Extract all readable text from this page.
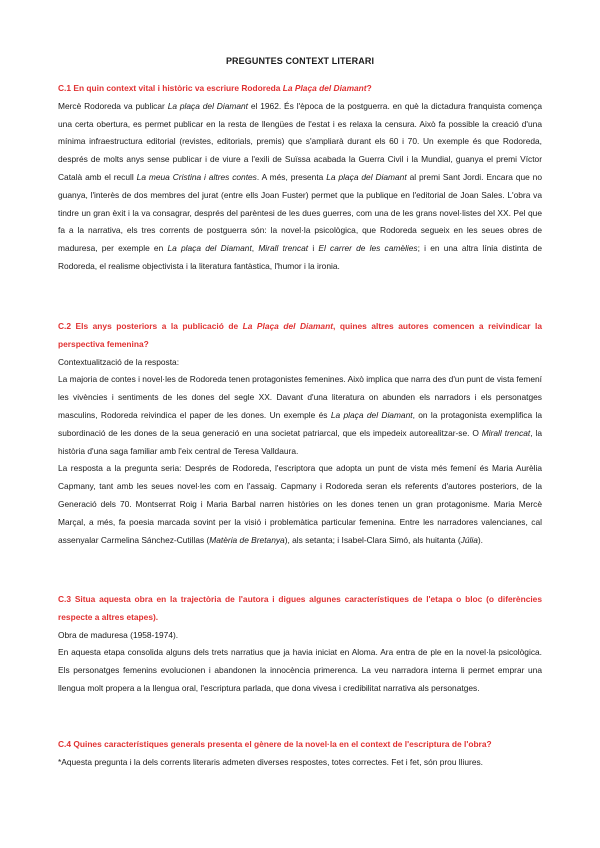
PREGUNTES CONTEXT LITERARI

C.1 En quin context vital i històric va escriure Rodoreda La Plaça del Diamant?

Mercè Rodoreda va publicar La plaça del Diamant el 1962. És l'època de la postguerra. en què la dictadura franquista comença una certa obertura, es permet publicar en la resta de llengües de l'estat i es relaxa la censura. Això fa possible la creació d'una mínima infraestructura editorial (revistes, editorials, premis) que s'ampliarà durant els 60 i 70. Un exemple és que Rodoreda, després de molts anys sense publicar i de viure a l'exili de Suïssa acabada la Guerra Civil i la Mundial, guanya el premi Víctor Català amb el recull La meua Cristina i altres contes. A més, presenta La plaça del Diamant al premi Sant Jordi. Encara que no guanya, l'interès de dos membres del jurat (entre ells Joan Fuster) permet que la publique en l'editorial de Joan Sales. L'obra va tindre un gran èxit i la va consagrar, després del parèntesi de les dues guerres, com una de les grans novel·listes del XX. Pel que fa a la narrativa, els tres corrents de postguerra són: la novel·la psicològica, que Rodoreda segueix en les seues obres de maduresa, per exemple en La plaça del Diamant, Mirall trencat i El carrer de les camèlies; i en una altra línia distinta de Rodoreda, el realisme objectivista i la literatura fantàstica, l'humor i la ironia.

C.2 Els anys posteriors a la publicació de La Plaça del Diamant, quines altres autores comencen a reivindicar la perspectiva femenina?

Contextualització de la resposta:

La majoria de contes i novel·les de Rodoreda tenen protagonistes femenines. Això implica que narra des d'un punt de vista femení les vivències i sentiments de les dones del segle XX. Davant d'una literatura on abunden els narradors i els personatges masculins, Rodoreda reivindica el paper de les dones. Un exemple és La plaça del Diamant, on la protagonista exemplifica la subordinació de les dones de la seua generació en una societat patriarcal, que els impedeix autorealitzar-se. O Mirall trencat, la història d'una saga familiar amb l'eix central de Teresa Valldaura.

La resposta a la pregunta seria: Després de Rodoreda, l'escriptora que adopta un punt de vista més femení és Maria Aurèlia Capmany, tant amb les seues novel·les com en l'assaig. Capmany i Rodoreda seran els referents d'autores posteriors, de la Generació dels 70. Montserrat Roig i Maria Barbal narren històries on les dones tenen un gran protagonisme. Maria Mercè Marçal, a més, fa poesia marcada sovint per la visió i problemàtica particular femenina. Entre les narradores valencianes, cal assenyalar Carmelina Sánchez-Cutillas (Matèria de Bretanya), als setanta; i Isabel-Clara Simó, als huitanta (Júlia).

C.3 Situa aquesta obra en la trajectòria de l'autora i digues algunes característiques de l'etapa o bloc (o diferències respecte a altres etapes).

Obra de maduresa (1958-1974).

En aquesta etapa consolida alguns dels trets narratius que ja havia iniciat en Aloma. Ara entra de ple en la novel·la psicològica. Els personatges femenins evolucionen i abandonen la innocència primerenca. La veu narradora interna li permet emprar una llengua molt propera a la llengua oral, l'escriptura parlada, que dona vivesa i credibilitat narrativa als personatges.

C.4 Quines característiques generals presenta el gènere de la novel·la en el context de l'escriptura de l'obra?

*Aquesta pregunta i la dels corrents literaris admeten diverses respostes, totes correctes. Fet i fet, són prou lliures.
